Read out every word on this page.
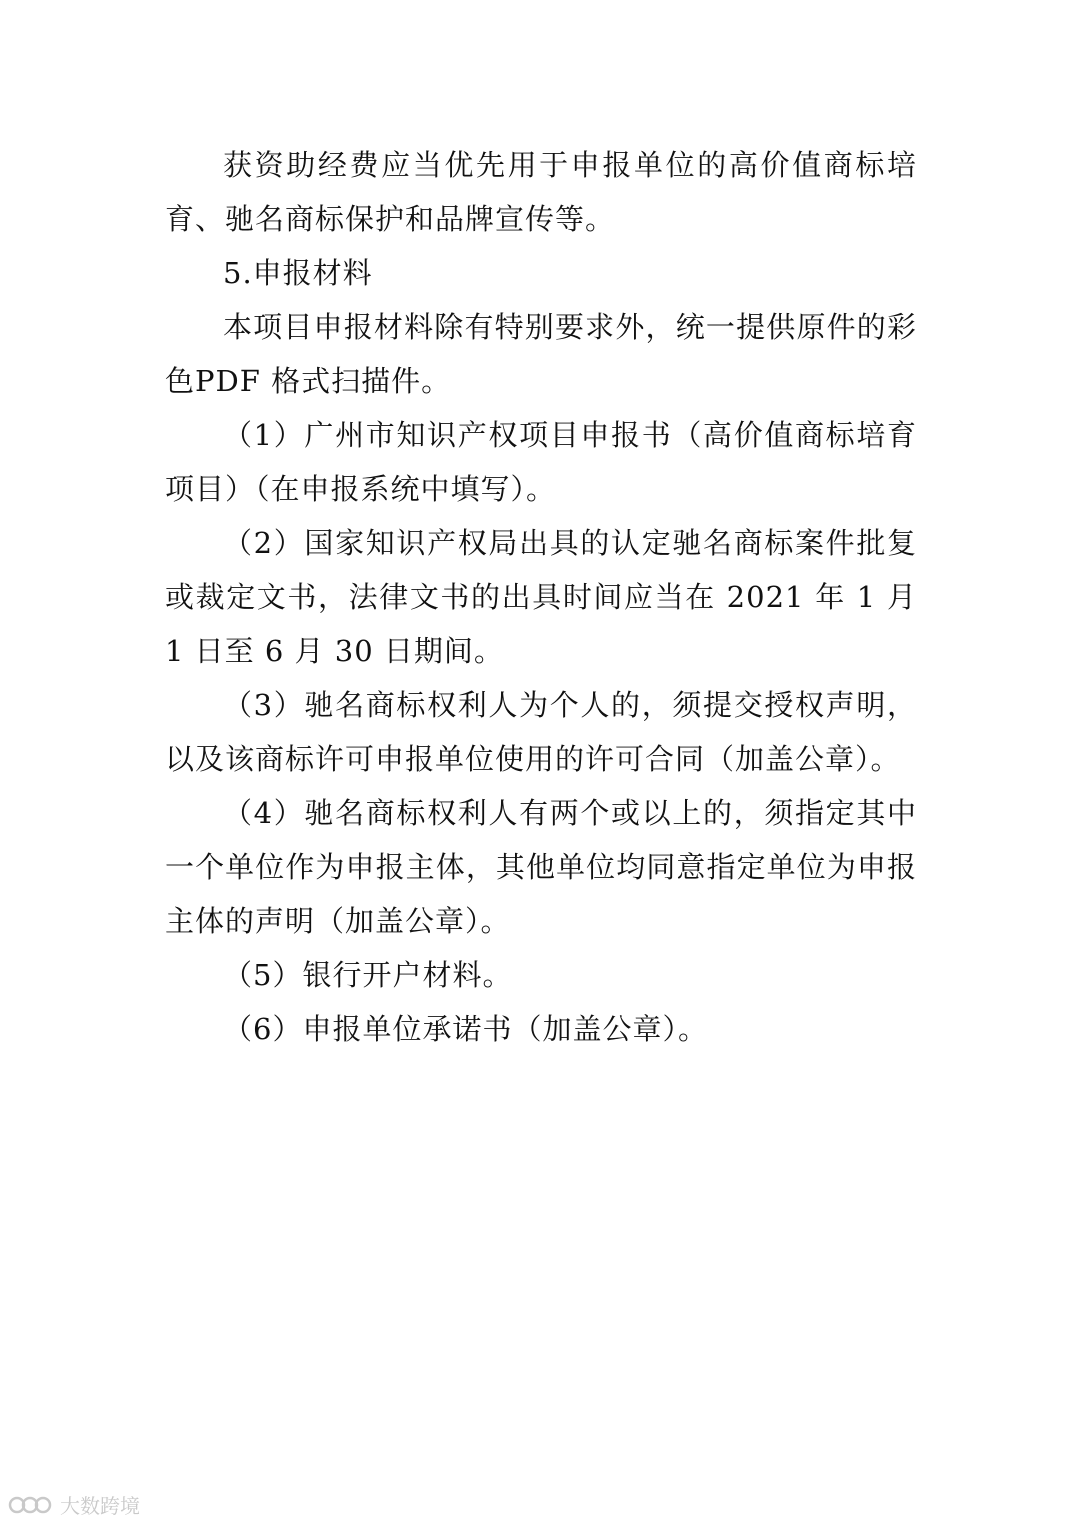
获资助经费应当优先用于申报单位的高价值商标培育、驰名商标保护和品牌宣传等。

5.申报材料

本项目申报材料除有特别要求外，统一提供原件的彩色PDF 格式扫描件。

（1）广州市知识产权项目申报书（高价值商标培育项目）（在申报系统中填写）。

（2）国家知识产权局出具的认定驰名商标案件批复或裁定文书，法律文书的出具时间应当在 2021 年 1 月 1 日至 6 月 30 日期间。

（3）驰名商标权利人为个人的，须提交授权声明，以及该商标许可申报单位使用的许可合同（加盖公章）。

（4）驰名商标权利人有两个或以上的，须指定其中一个单位作为申报主体，其他单位均同意指定单位为申报主体的声明（加盖公章）。

（5）银行开户材料。

（6）申报单位承诺书（加盖公章）。

大数跨境
